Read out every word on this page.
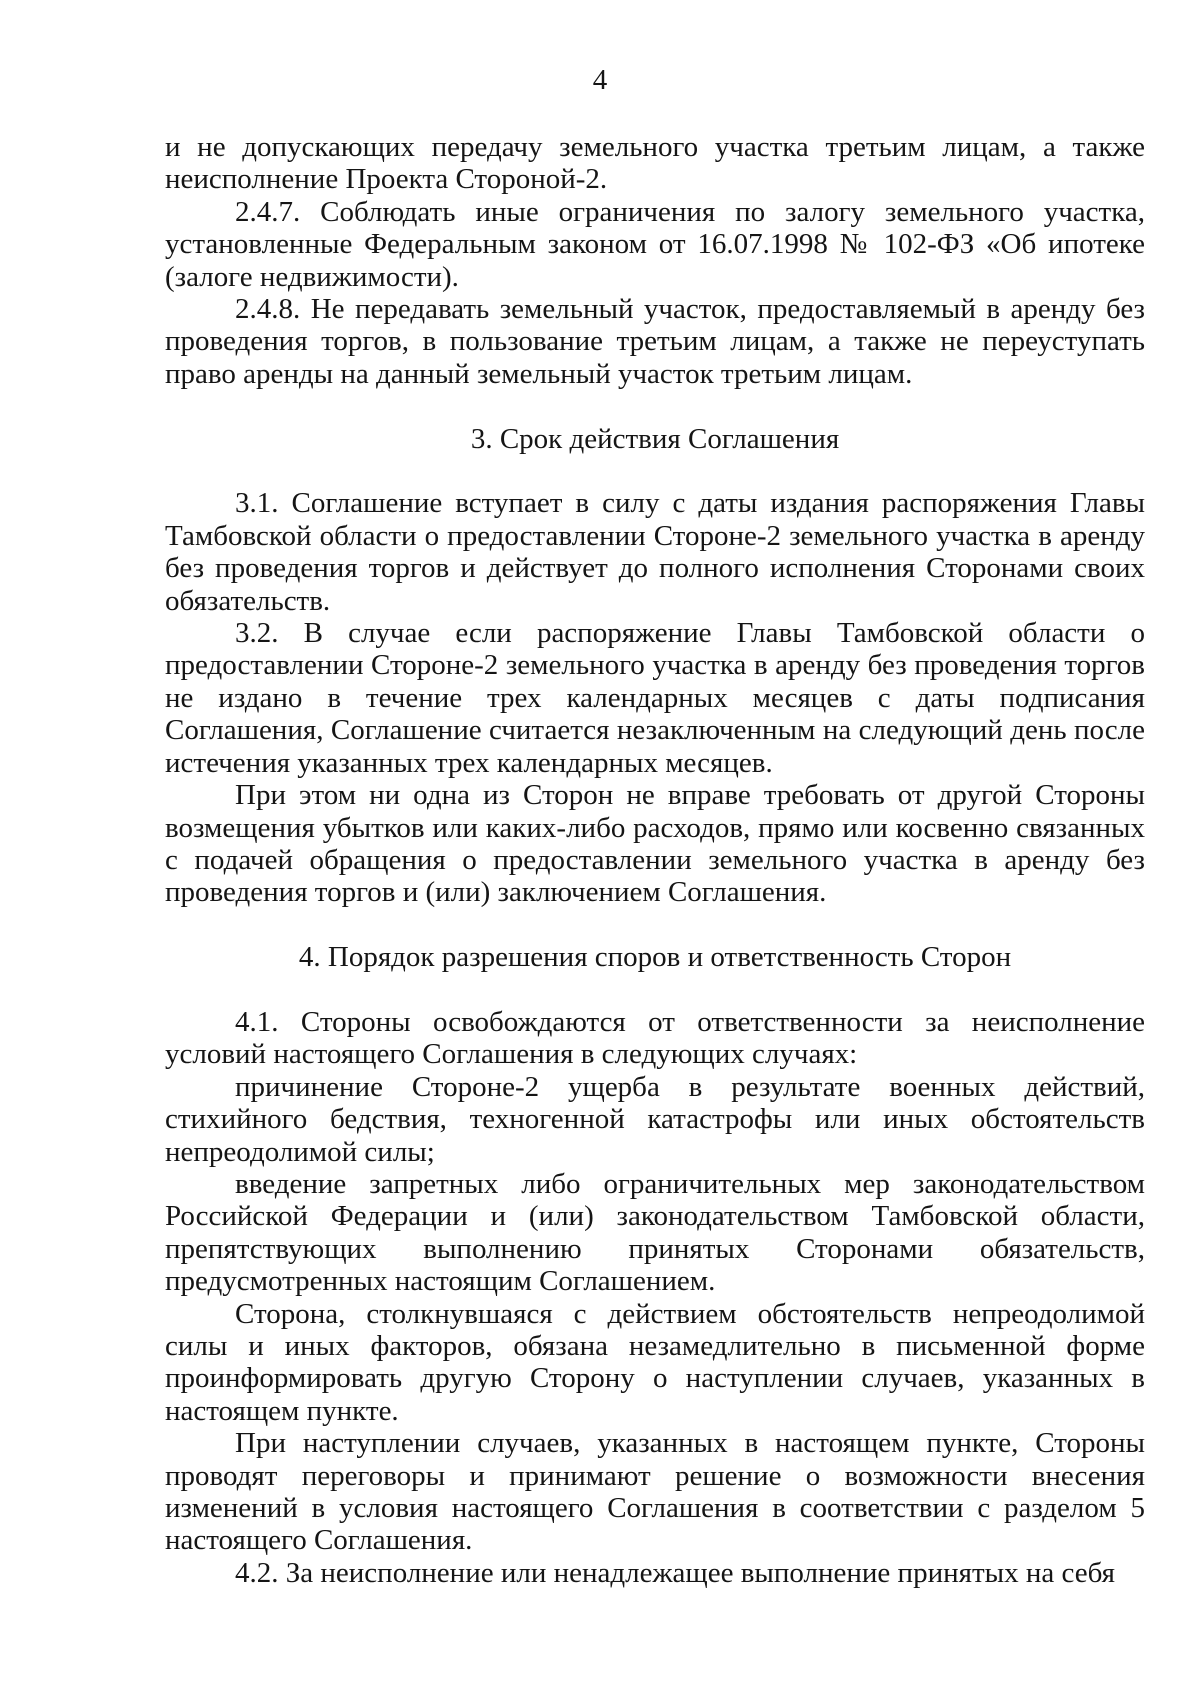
4

и не допускающих передачу земельного участка третьим лицам, а также неисполнение Проекта Стороной-2.

2.4.7. Соблюдать иные ограничения по залогу земельного участка, установленные Федеральным законом от 16.07.1998 № 102-ФЗ «Об ипотеке (залоге недвижимости).

2.4.8. Не передавать земельный участок, предоставляемый в аренду без проведения торгов, в пользование третьим лицам, а также не переуступать право аренды на данный земельный участок третьим лицам.

3. Срок действия Соглашения

3.1. Соглашение вступает в силу с даты издания распоряжения Главы Тамбовской области о предоставлении Стороне-2 земельного участка в аренду без проведения торгов и действует до полного исполнения Сторонами своих обязательств.

3.2. В случае если распоряжение Главы Тамбовской области о предоставлении Стороне-2 земельного участка в аренду без проведения торгов не издано в течение трех календарных месяцев с даты подписания Соглашения, Соглашение считается незаключенным на следующий день после истечения указанных трех календарных месяцев.

При этом ни одна из Сторон не вправе требовать от другой Стороны возмещения убытков или каких-либо расходов, прямо или косвенно связанных с подачей обращения о предоставлении земельного участка в аренду без проведения торгов и (или) заключением Соглашения.

4. Порядок разрешения споров и ответственность Сторон

4.1. Стороны освобождаются от ответственности за неисполнение условий настоящего Соглашения в следующих случаях:

причинение Стороне-2 ущерба в результате военных действий, стихийного бедствия, техногенной катастрофы или иных обстоятельств непреодолимой силы;

введение запретных либо ограничительных мер законодательством Российской Федерации и (или) законодательством Тамбовской области, препятствующих выполнению принятых Сторонами обязательств, предусмотренных настоящим Соглашением.

Сторона, столкнувшаяся с действием обстоятельств непреодолимой силы и иных факторов, обязана незамедлительно в письменной форме проинформировать другую Сторону о наступлении случаев, указанных в настоящем пункте.

При наступлении случаев, указанных в настоящем пункте, Стороны проводят переговоры и принимают решение о возможности внесения изменений в условия настоящего Соглашения в соответствии с разделом 5 настоящего Соглашения.

4.2. За неисполнение или ненадлежащее выполнение принятых на себя
